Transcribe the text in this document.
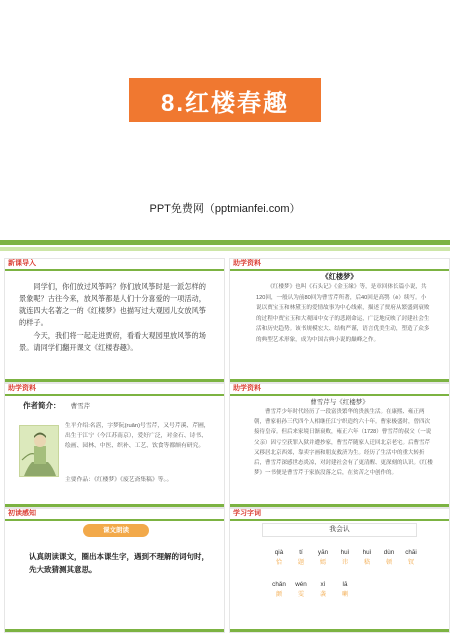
8.红楼春趣
PPT免费网（pptmianfei.com）
新课导入

同学们，你们放过风筝吗？你们放风筝时是一派怎样的景象呢？古往今来，放风筝都是人们十分喜爱的一项活动，就连四大名著之一的《红楼梦》也描写过大观园儿女放风筝的样子。

今天，我们将一起走进贾府，看看大观园里放风筝的场景。请同学们翻开课文《红楼春趣》。

助学资料
《红楼梦》
《红楼梦》也叫《石头记》《金玉缘》等，是章回体长篇小说，共120回，一般认为前80回为曹雪芹所著，后40回是高鹗（è）续写。小说以贾宝玉和林黛玉的爱情故事为中心线索，描述了贾府从繁盛到衰败的过程中贾宝玉和大观园中女子的悲剧命运，广泛地反映了封建社会生活和历史趋势。该书规模宏大、结构严谨，语言优美生动，塑造了众多的典型艺术形象，成为中国古典小说的巅峰之作。
助学资料
作者简介： 曹雪芹
生平介绍:名霑，字梦阮(ruǎn)号雪芹，又号芹溪、芹圃，出生于江宁（今江苏南京），爱好广泛，对金石、诗书、绘画、园林、中医、织补、工艺、饮食等都颇有研究。
主要作品：《红楼梦》《废艺斋集稿》等。。
助学资料
曹雪芹与《红楼梦》
曹雪芹少年时代经历了一段富贵繁华的贵族生活。在康熙、雍正两朝，曹家祖孙三代四个人相继任江宁织造约六十年。曹家极盛时，曾四次接待皇帝。但后来家境日渐衰败，雍正六年（1728）曹雪芹的叔父（一说父亲）因亏空获罪入狱并遭抄家，曹雪芹随家人迁回北京老宅。后曹雪芹又移居北京西郊，靠卖字画和朋友救济为生。经历了生活中的重大转折后，曹雪芹深感世态炎凉，对封建社会有了更清醒、更深刻的认识。《红楼梦》一书便是曹雪芹于家族没落之后，在贫苦之中创作的。
初读感知
课文朗读
认真朗读课文，圈出本课生字，遇到不理解的词句时，先大致猜测其意思。
学习字词
我会认
qià
恰
tí
题
yān
嫣
huì
讳
huì
嵇
dùn
顿
chāi
钗
chǎn
颤
wén
雯
xì
袭
lā
喇
